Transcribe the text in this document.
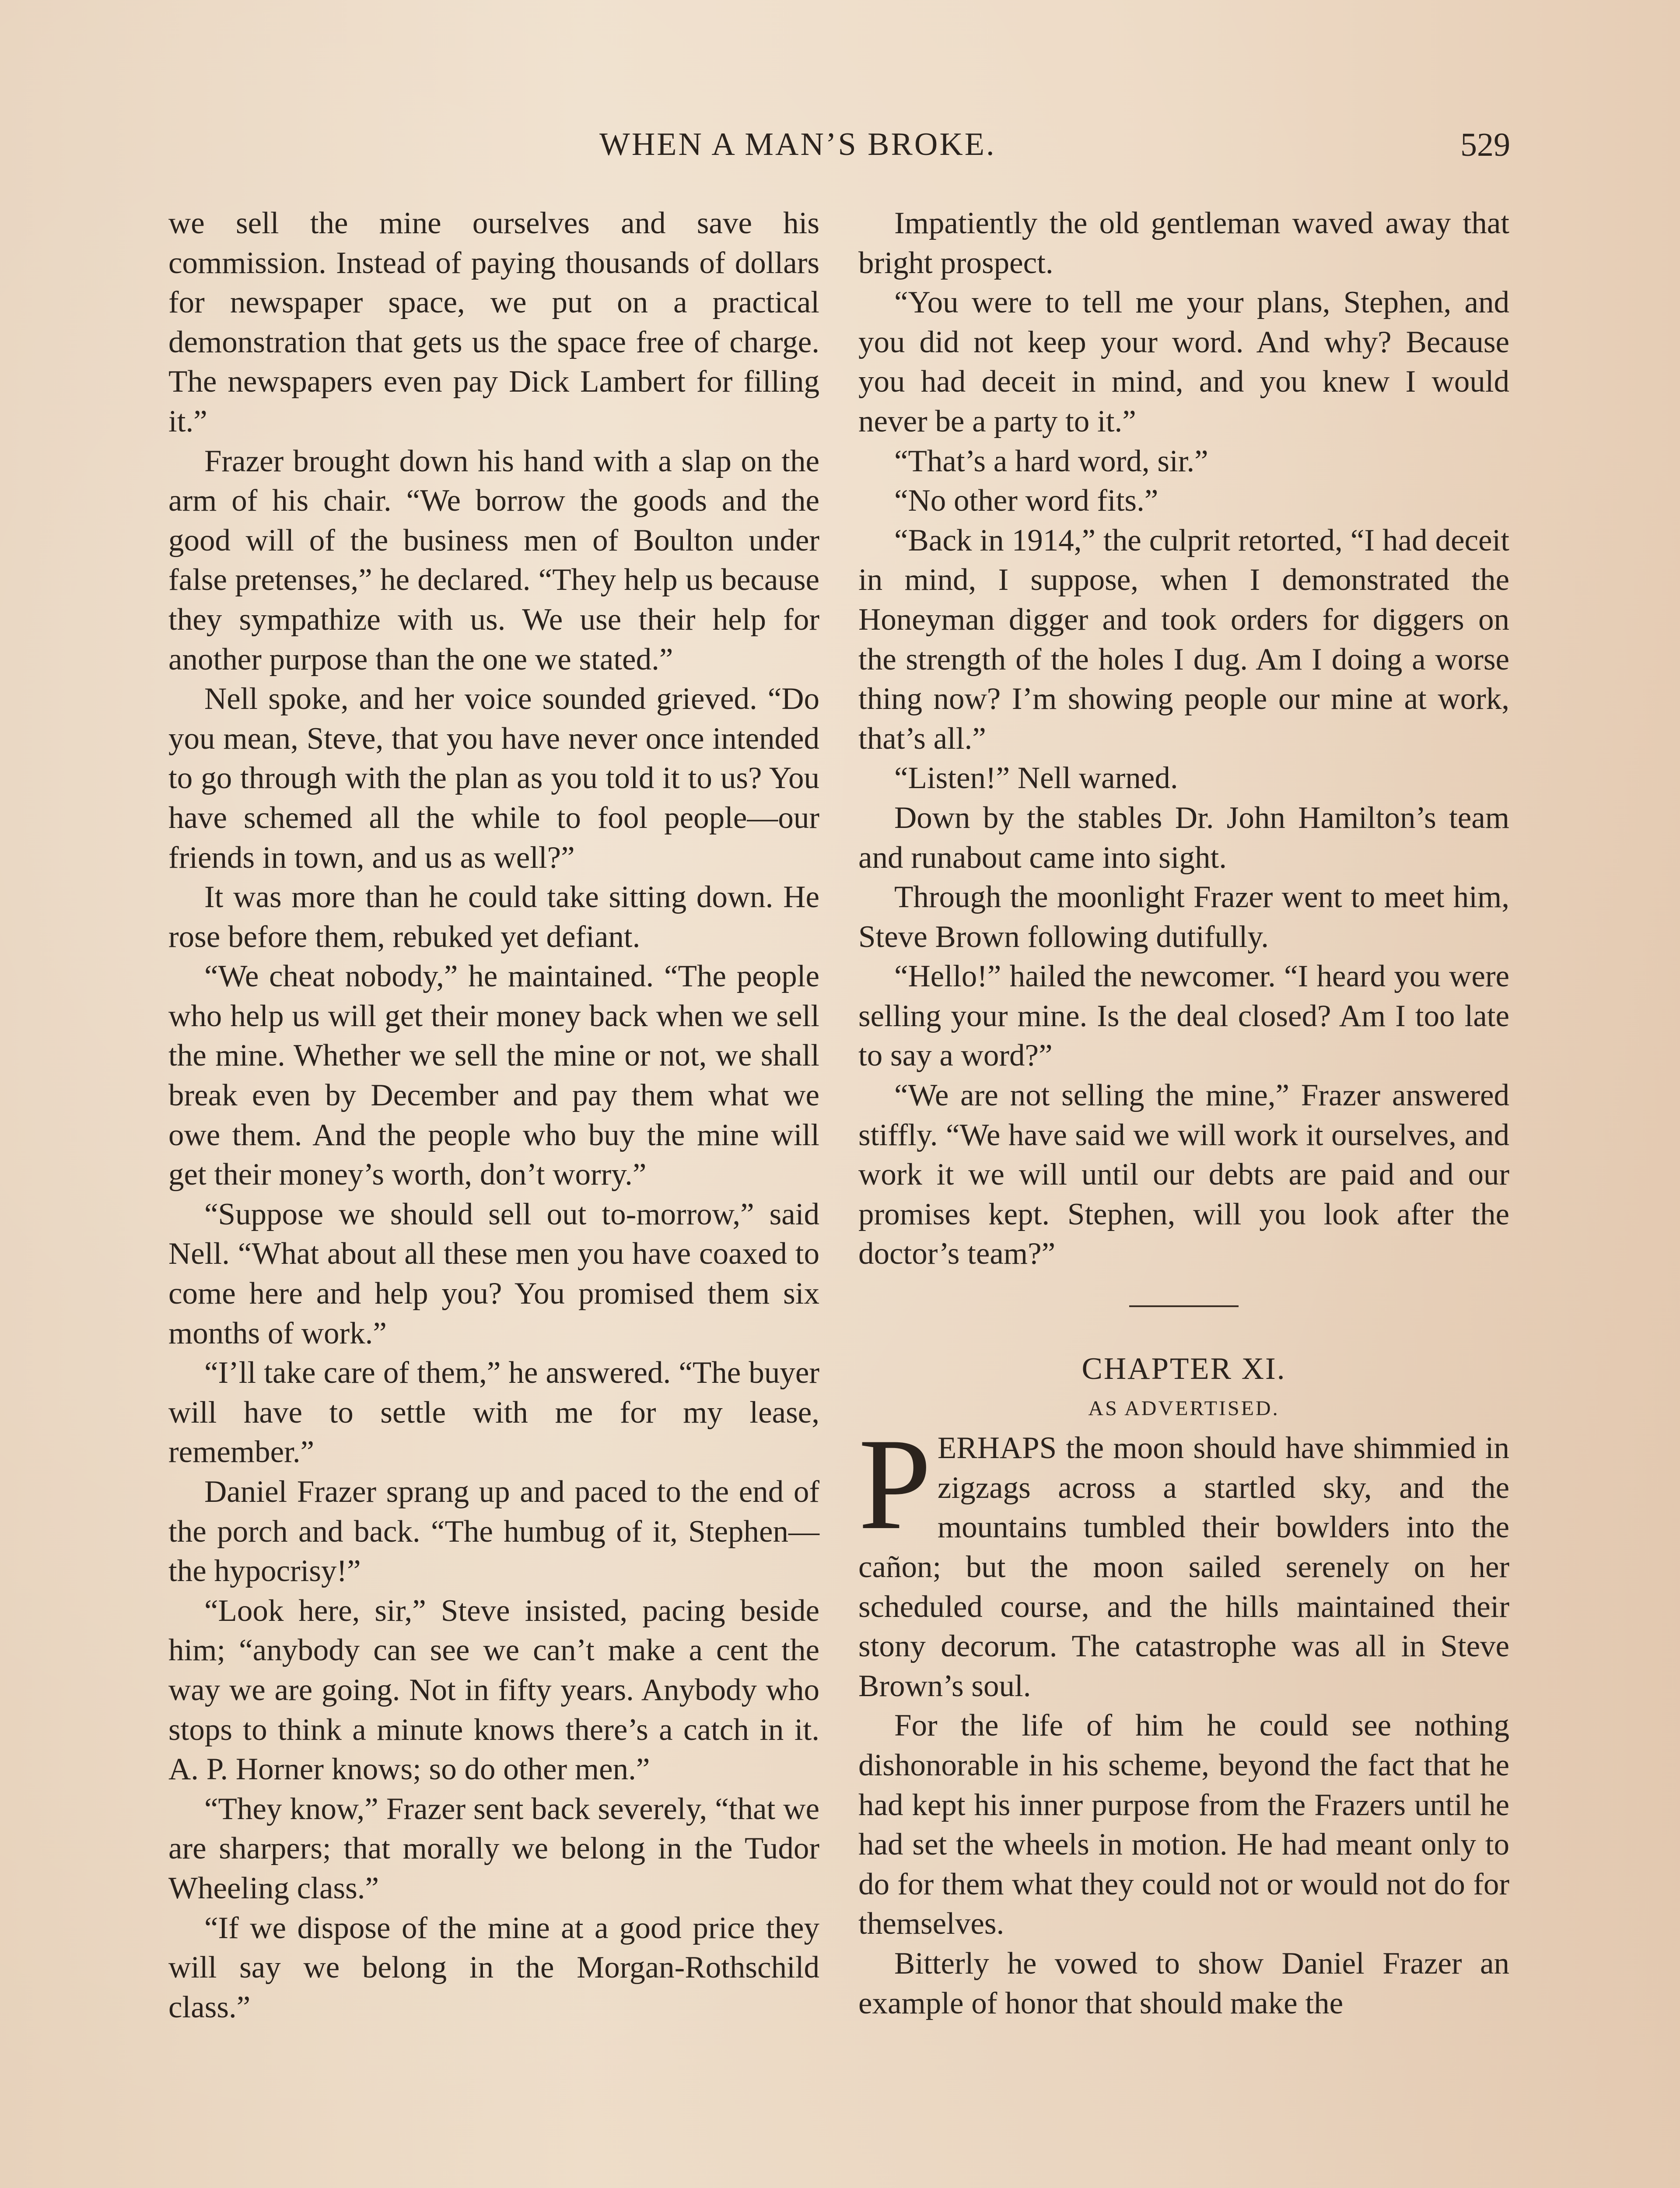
WHEN A MAN’S BROKE.	529

we sell the mine ourselves and save his commission. Instead of paying thousands of dollars for newspaper space, we put on a practical demonstration that gets us the space free of charge. The newspapers even pay Dick Lambert for filling it.”

Frazer brought down his hand with a slap on the arm of his chair. “We borrow the goods and the good will of the business men of Boulton under false pretenses,” he declared. “They help us because they sympathize with us. We use their help for another purpose than the one we stated.”

Nell spoke, and her voice sounded grieved. “Do you mean, Steve, that you have never once intended to go through with the plan as you told it to us? You have schemed all the while to fool people—our friends in town, and us as well?”

It was more than he could take sitting down. He rose before them, rebuked yet defiant.

“We cheat nobody,” he maintained. “The people who help us will get their money back when we sell the mine. Whether we sell the mine or not, we shall break even by December and pay them what we owe them. And the people who buy the mine will get their money’s worth, don’t worry.”

“Suppose we should sell out to-morrow,” said Nell. “What about all these men you have coaxed to come here and help you? You promised them six months of work.”

“I’ll take care of them,” he answered. “The buyer will have to settle with me for my lease, remember.”

Daniel Frazer sprang up and paced to the end of the porch and back. “The humbug of it, Stephen—the hypocrisy!”

“Look here, sir,” Steve insisted, pacing beside him; “anybody can see we can’t make a cent the way we are going. Not in fifty years. Anybody who stops to think a minute knows there’s a catch in it. A. P. Horner knows; so do other men.”

“They know,” Frazer sent back severely, “that we are sharpers; that morally we belong in the Tudor Wheeling class.”

“If we dispose of the mine at a good price they will say we belong in the Morgan-Rothschild class.”

Impatiently the old gentleman waved away that bright prospect.

“You were to tell me your plans, Stephen, and you did not keep your word. And why? Because you had deceit in mind, and you knew I would never be a party to it.”

“That’s a hard word, sir.”

“No other word fits.”

“Back in 1914,” the culprit retorted, “I had deceit in mind, I suppose, when I demonstrated the Honeyman digger and took orders for diggers on the strength of the holes I dug. Am I doing a worse thing now? I’m showing people our mine at work, that’s all.”

“Listen!” Nell warned.

Down by the stables Dr. John Hamilton’s team and runabout came into sight.

Through the moonlight Frazer went to meet him, Steve Brown following dutifully.

“Hello!” hailed the newcomer. “I heard you were selling your mine. Is the deal closed? Am I too late to say a word?”

“We are not selling the mine,” Frazer answered stiffly. “We have said we will work it ourselves, and work it we will until our debts are paid and our promises kept. Stephen, will you look after the doctor’s team?”

CHAPTER XI.

AS ADVERTISED.

PERHAPS the moon should have shimmied in zigzags across a startled sky, and the mountains tumbled their bowlders into the cañon; but the moon sailed serenely on her scheduled course, and the hills maintained their stony decorum. The catastrophe was all in Steve Brown’s soul.

For the life of him he could see nothing dishonorable in his scheme, beyond the fact that he had kept his inner purpose from the Frazers until he had set the wheels in motion. He had meant only to do for them what they could not or would not do for themselves.

Bitterly he vowed to show Daniel Frazer an example of honor that should make the
